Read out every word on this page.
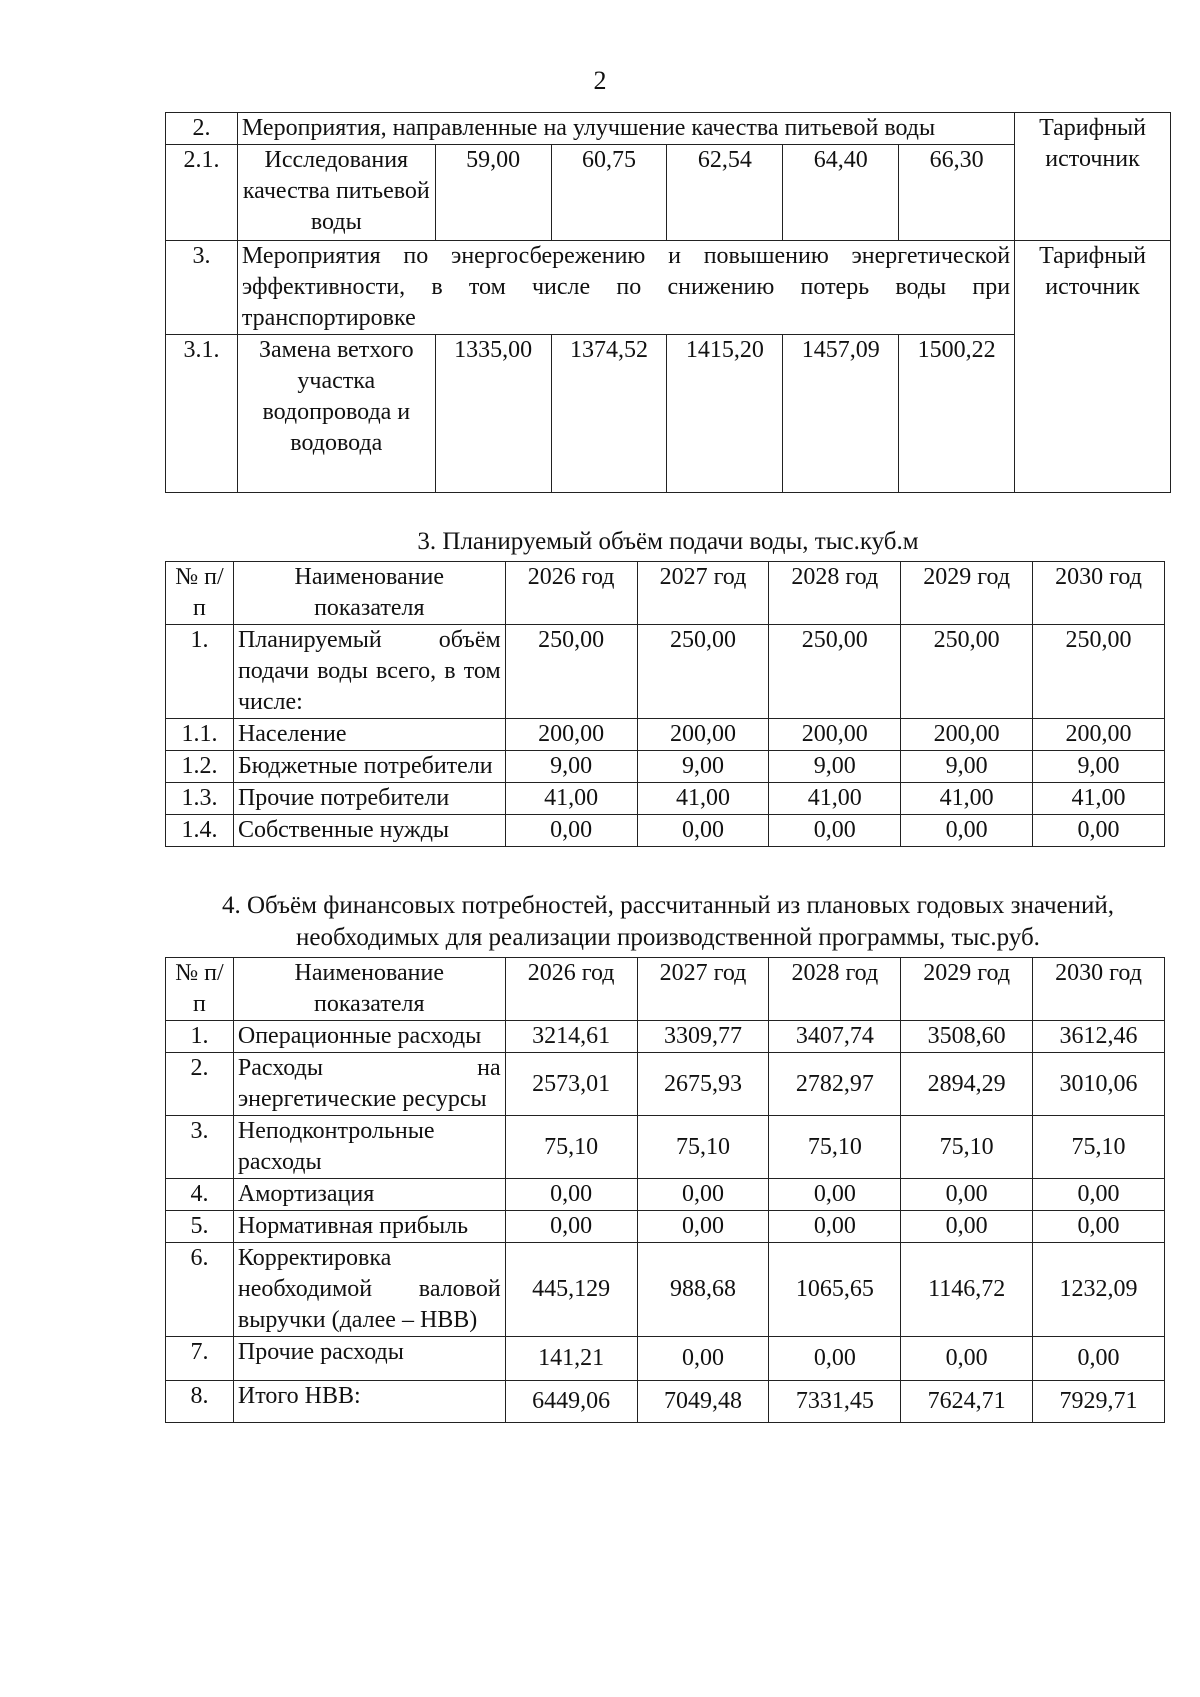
2
2.	Мероприятия, направленные на улучшение качества питьевой воды						Тарифный источник
2.1.	Исследования качества питьевой воды	59,00	60,75	62,54	64,40	66,30	
3.	Мероприятия по энергосбережению и повышению энергетической эффективности, в том числе по снижению потерь воды при транспортировке						Тарифный источник
3.1.	Замена ветхого участка водопровода и водовода	1335,00	1374,52	1415,20	1457,09	1500,22	
3. Планируемый объём подачи воды, тыс.куб.м
№ п/п	Наименование показателя	2026 год	2027 год	2028 год	2029 год	2030 год
1.	Планируемый объём подачи воды всего, в том числе:	250,00	250,00	250,00	250,00	250,00
1.1.	Население	200,00	200,00	200,00	200,00	200,00
1.2.	Бюджетные потребители	9,00	9,00	9,00	9,00	9,00
1.3.	Прочие потребители	41,00	41,00	41,00	41,00	41,00
1.4.	Собственные нужды	0,00	0,00	0,00	0,00	0,00
4. Объём финансовых потребностей, рассчитанный из плановых годовых значений, необходимых для реализации производственной программы, тыс.руб.
№ п/п	Наименование показателя	2026 год	2027 год	2028 год	2029 год	2030 год
1.	Операционные расходы	3214,61	3309,77	3407,74	3508,60	3612,46
2.	Расходы на энергетические ресурсы	2573,01	2675,93	2782,97	2894,29	3010,06
3.	Неподконтрольные расходы	75,10	75,10	75,10	75,10	75,10
4.	Амортизация	0,00	0,00	0,00	0,00	0,00
5.	Нормативная прибыль	0,00	0,00	0,00	0,00	0,00
6.	Корректировка необходимой валовой выручки (далее – НВВ)	445,129	988,68	1065,65	1146,72	1232,09
7.	Прочие расходы	141,21	0,00	0,00	0,00	0,00
8.	Итого НВВ:	6449,06	7049,48	7331,45	7624,71	7929,71
